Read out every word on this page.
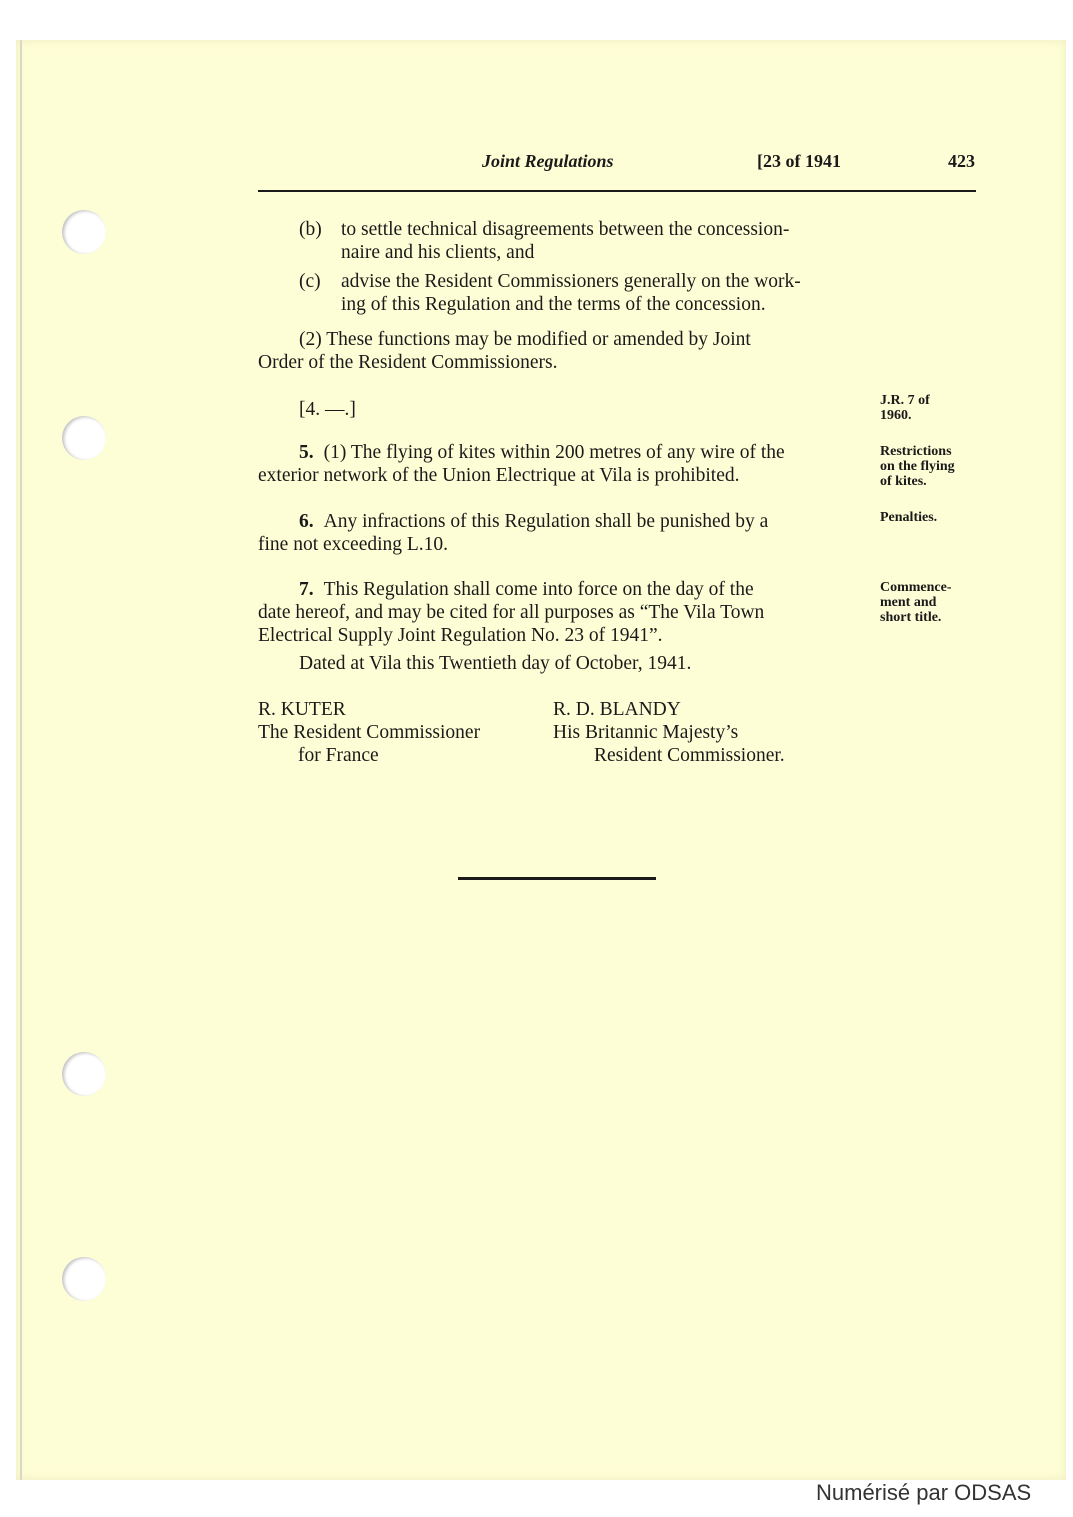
Joint Regulations	[23 of 1941	423
(b) to settle technical disagreements between the concession-
naire and his clients, and
(c) advise the Resident Commissioners generally on the work-
ing of this Regulation and the terms of the concession.
(2) These functions may be modified or amended by Joint
Order of the Resident Commissioners.
[4. —.]	J.R. 7 of
1960.
5. (1) The flying of kites within 200 metres of any wire of the
exterior network of the Union Electrique at Vila is prohibited.
Restrictions
on the flying
of kites.
6. Any infractions of this Regulation shall be punished by a
fine not exceeding L.10.
Penalties.
7. This Regulation shall come into force on the day of the
date hereof, and may be cited for all purposes as “The Vila Town
Electrical Supply Joint Regulation No. 23 of 1941”.
Commence-
ment and
short title.
Dated at Vila this Twentieth day of October, 1941.
R. KUTER
The Resident Commissioner
for France
R. D. BLANDY
His Britannic Majesty’s
Resident Commissioner.
Numérisé par ODSAS
